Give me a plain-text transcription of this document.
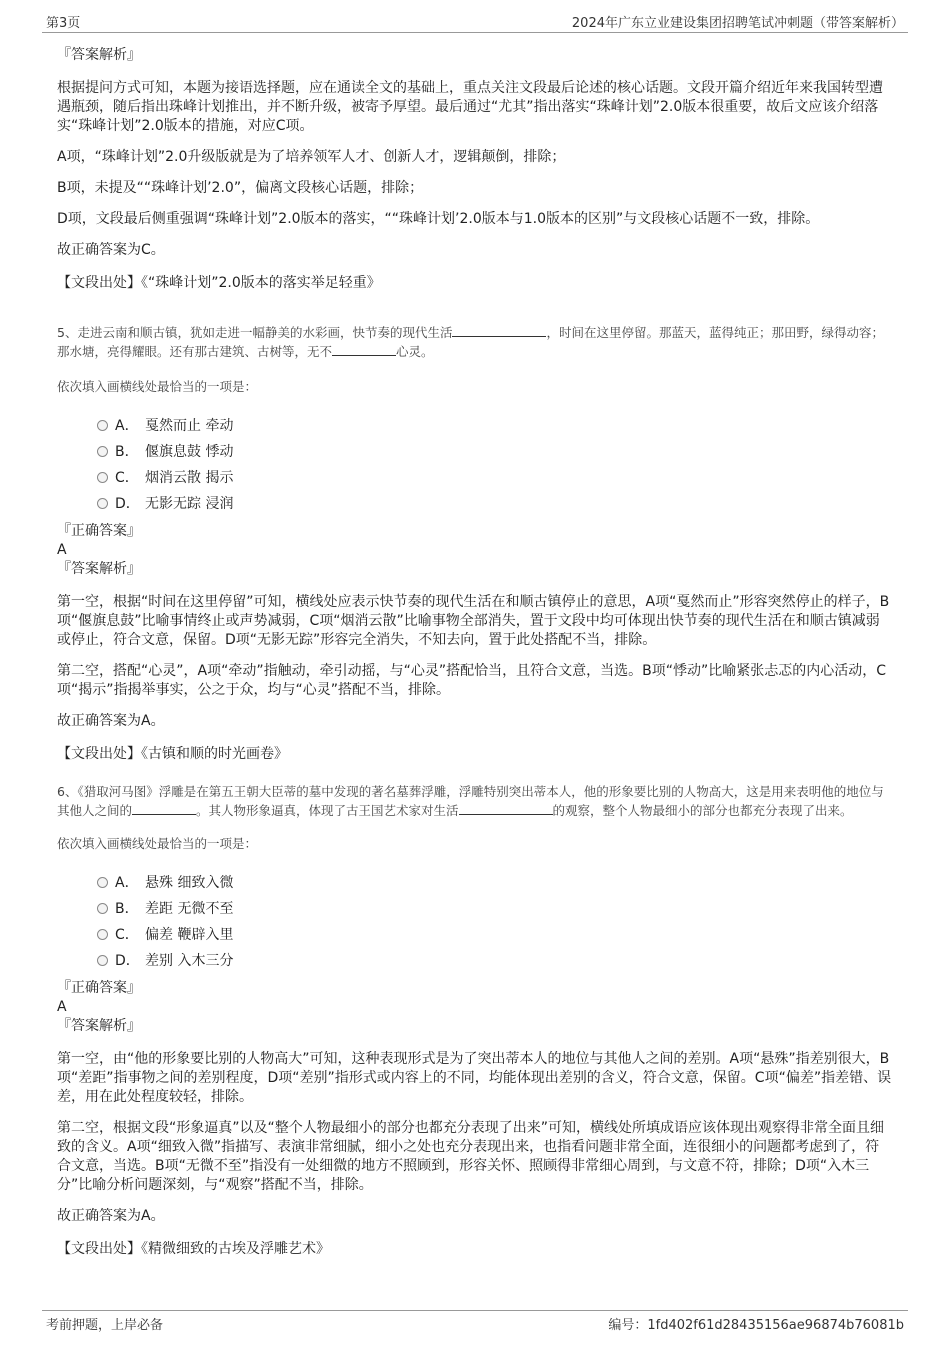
第3页	2024年广东立业建设集团招聘笔试冲刺题（带答案解析）

『答案解析』

根据提问方式可知，本题为接语选择题，应在通读全文的基础上，重点关注文段最后论述的核心话题。文段开篇介绍近年来我国转型遭遇瓶颈，随后指出珠峰计划推出，并不断升级，被寄予厚望。最后通过“尤其”指出落实“珠峰计划”2.0版本很重要，故后文应该介绍落实“珠峰计划”2.0版本的措施，对应C项。

A项，“珠峰计划”2.0升级版就是为了培养领军人才、创新人才，逻辑颠倒，排除；

B项，未提及““珠峰计划’2.0”，偏离文段核心话题，排除；

D项，文段最后侧重强调“珠峰计划”2.0版本的落实，““珠峰计划’2.0版本与1.0版本的区别”与文段核心话题不一致，排除。

故正确答案为C。

【文段出处】《“珠峰计划”2.0版本的落实举足轻重》

5、走进云南和顺古镇，犹如走进一幅静美的水彩画，快节奏的现代生活	，时间在这里停留。那蓝天，蓝得纯正；那田野，绿得动容；那水塘，亮得耀眼。还有那古建筑、古树等，无不	心灵。

依次填入画横线处最恰当的一项是：

A． 戛然而止 牵动
B． 偃旗息鼓 悸动
C． 烟消云散 揭示
D． 无影无踪 浸润

『正确答案』

A

『答案解析』

第一空，根据“时间在这里停留”可知，横线处应表示快节奏的现代生活在和顺古镇停止的意思，A项“戛然而止”形容突然停止的样子，B项“偃旗息鼓”比喻事情终止或声势减弱，C项“烟消云散”比喻事物全部消失，置于文段中均可体现出快节奏的现代生活在和顺古镇减弱或停止，符合文意，保留。D项“无影无踪”形容完全消失，不知去向，置于此处搭配不当，排除。

第二空，搭配“心灵”，A项“牵动”指触动，牵引动摇，与“心灵”搭配恰当，且符合文意，当选。B项“悸动”比喻紧张忐忑的内心活动，C项“揭示”指揭举事实，公之于众，均与“心灵”搭配不当，排除。

故正确答案为A。

【文段出处】《古镇和顺的时光画卷》

6、《猎取河马图》浮雕是在第五王朝大臣蒂的墓中发现的著名墓葬浮雕，浮雕特别突出蒂本人，他的形象要比别的人物高大，这是用来表明他的地位与其他人之间的	。其人物形象逼真，体现了古王国艺术家对生活	的观察，整个人物最细小的部分也都充分表现了出来。

依次填入画横线处最恰当的一项是：

A． 悬殊 细致入微
B． 差距 无微不至
C． 偏差 鞭辟入里
D． 差别 入木三分

『正确答案』

A

『答案解析』

第一空，由“他的形象要比别的人物高大”可知，这种表现形式是为了突出蒂本人的地位与其他人之间的差别。A项“悬殊”指差别很大，B项“差距”指事物之间的差别程度，D项“差别”指形式或内容上的不同，均能体现出差别的含义，符合文意，保留。C项“偏差”指差错、误差，用在此处程度较轻，排除。

第二空，根据文段“形象逼真”以及“整个人物最细小的部分也都充分表现了出来”可知，横线处所填成语应该体现出观察得非常全面且细致的含义。A项“细致入微”指描写、表演非常细腻，细小之处也充分表现出来，也指看问题非常全面，连很细小的问题都考虑到了，符合文意，当选。B项“无微不至”指没有一处细微的地方不照顾到，形容关怀、照顾得非常细心周到，与文意不符，排除；D项“入木三分”比喻分析问题深刻，与“观察”搭配不当，排除。

故正确答案为A。

【文段出处】《精微细致的古埃及浮雕艺术》

考前押题，上岸必备	编号：1fd402f61d28435156ae96874b76081b
